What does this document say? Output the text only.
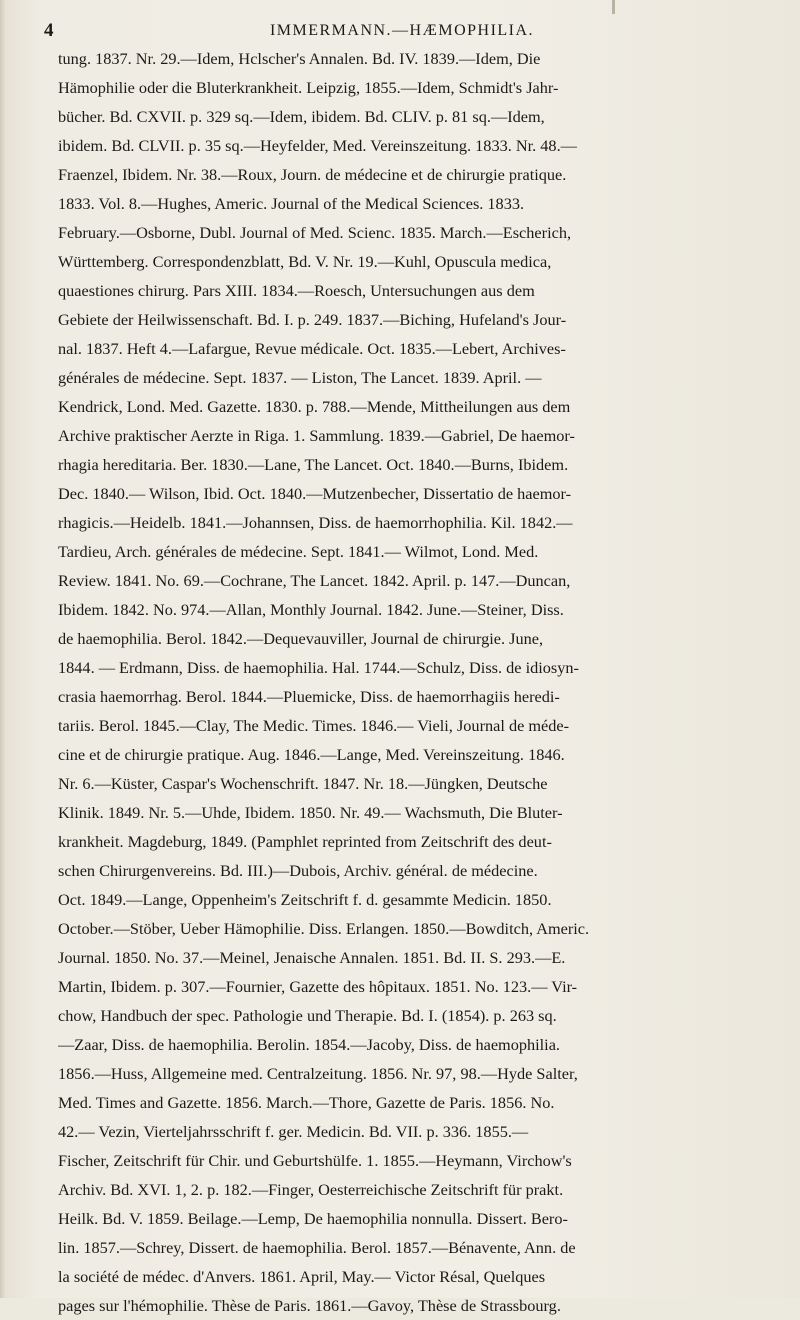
4	IMMERMANN.—HÆMOPHILIA.
tung. 1837. Nr. 29.—Idem, Hclscher's Annalen. Bd. IV. 1839.—Idem, Die
Hämophilie oder die Bluterkrankheit. Leipzig, 1855.—Idem, Schmidt's Jahr-
bücher. Bd. CXVII. p. 329 sq.—Idem, ibidem. Bd. CLIV. p. 81 sq.—Idem,
ibidem. Bd. CLVII. p. 35 sq.—Heyfelder, Med. Vereinszeitung. 1833. Nr. 48.—
Fraenzel, Ibidem. Nr. 38.—Roux, Journ. de médecine et de chirurgie pratique.
1833. Vol. 8.—Hughes, Americ. Journal of the Medical Sciences. 1833.
February.—Osborne, Dubl. Journal of Med. Scienc. 1835. March.—Escherich,
Württemberg. Correspondenzblatt, Bd. V. Nr. 19.—Kuhl, Opuscula medica,
quaestiones chirurg. Pars XIII. 1834.—Roesch, Untersuchungen aus dem
Gebiete der Heilwissenschaft. Bd. I. p. 249. 1837.—Biching, Hufeland's Jour-
nal. 1837. Heft 4.—Lafargue, Revue médicale. Oct. 1835.—Lebert, Archives-
générales de médecine. Sept. 1837. — Liston, The Lancet. 1839. April. —
Kendrick, Lond. Med. Gazette. 1830. p. 788.—Mende, Mittheilungen aus dem
Archive praktischer Aerzte in Riga. 1. Sammlung. 1839.—Gabriel, De haemor-
rhagia hereditaria. Ber. 1830.—Lane, The Lancet. Oct. 1840.—Burns, Ibidem.
Dec. 1840.— Wilson, Ibid. Oct. 1840.—Mutzenbecher, Dissertatio de haemor-
rhagicis.—Heidelb. 1841.—Johannsen, Diss. de haemorrhophilia. Kil. 1842.—
Tardieu, Arch. générales de médecine. Sept. 1841.— Wilmot, Lond. Med.
Review. 1841. No. 69.—Cochrane, The Lancet. 1842. April. p. 147.—Duncan,
Ibidem. 1842. No. 974.—Allan, Monthly Journal. 1842. June.—Steiner, Diss.
de haemophilia. Berol. 1842.—Dequevauviller, Journal de chirurgie. June,
1844. — Erdmann, Diss. de haemophilia. Hal. 1744.—Schulz, Diss. de idiosyn-
crasia haemorrhag. Berol. 1844.—Pluemicke, Diss. de haemorrhagiis heredi-
tariis. Berol. 1845.—Clay, The Medic. Times. 1846.— Vieli, Journal de méde-
cine et de chirurgie pratique. Aug. 1846.—Lange, Med. Vereinszeitung. 1846.
Nr. 6.—Küster, Caspar's Wochenschrift. 1847. Nr. 18.—Jüngken, Deutsche
Klinik. 1849. Nr. 5.—Uhde, Ibidem. 1850. Nr. 49.— Wachsmuth, Die Bluter-
krankheit. Magdeburg, 1849. (Pamphlet reprinted from Zeitschrift des deut-
schen Chirurgenvereins. Bd. III.)—Dubois, Archiv. général. de médecine.
Oct. 1849.—Lange, Oppenheim's Zeitschrift f. d. gesammte Medicin. 1850.
October.—Stöber, Ueber Hämophilie. Diss. Erlangen. 1850.—Bowditch, Americ.
Journal. 1850. No. 37.—Meinel, Jenaische Annalen. 1851. Bd. II. S. 293.—E.
Martin, Ibidem. p. 307.—Fournier, Gazette des hôpitaux. 1851. No. 123.— Vir-
chow, Handbuch der spec. Pathologie und Therapie. Bd. I. (1854). p. 263 sq.
—Zaar, Diss. de haemophilia. Berolin. 1854.—Jacoby, Diss. de haemophilia.
1856.—Huss, Allgemeine med. Centralzeitung. 1856. Nr. 97, 98.—Hyde Salter,
Med. Times and Gazette. 1856. March.—Thore, Gazette de Paris. 1856. No.
42.— Vezin, Vierteljahrsschrift f. ger. Medicin. Bd. VII. p. 336. 1855.—
Fischer, Zeitschrift für Chir. und Geburtshülfe. 1. 1855.—Heymann, Virchow's
Archiv. Bd. XVI. 1, 2. p. 182.—Finger, Oesterreichische Zeitschrift für prakt.
Heilk. Bd. V. 1859. Beilage.—Lemp, De haemophilia nonnulla. Dissert. Bero-
lin. 1857.—Schrey, Dissert. de haemophilia. Berol. 1857.—Bénavente, Ann. de
la société de médec. d'Anvers. 1861. April, May.— Victor Résal, Quelques
pages sur l'hémophilie. Thèse de Paris. 1861.—Gavoy, Thèse de Strassbourg.
